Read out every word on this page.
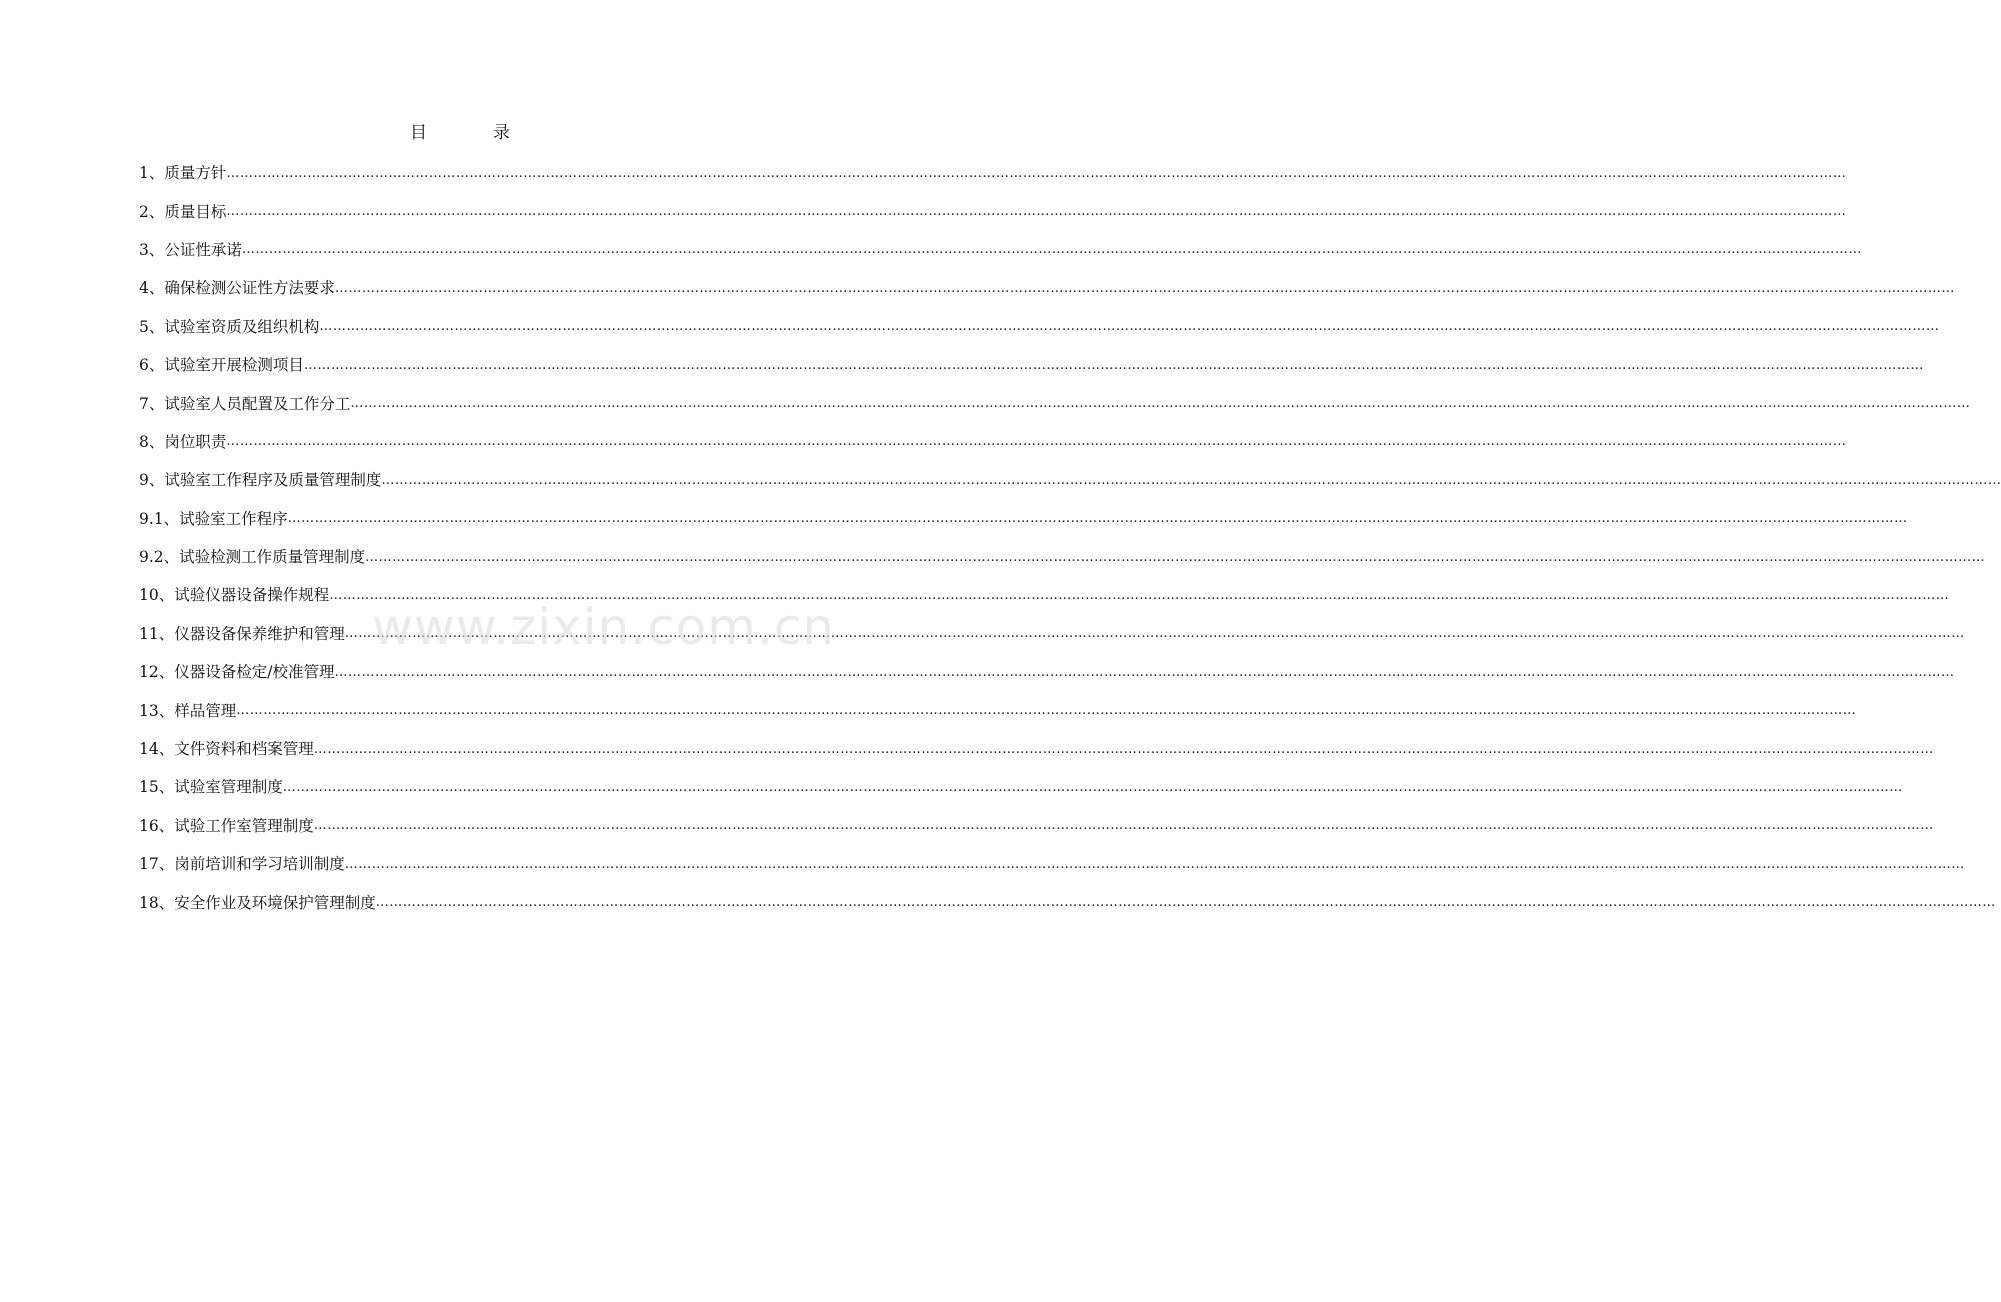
目	录
1、质量方针 ………………………………………………………………………………………………………………………………………………………………………………………………………………………………………………………………………………………………………………………………
2、质量目标 ………………………………………………………………………………………………………………………………………………………………………………………………………………………………………………………………………………………………………………………………
3、公证性承诺 ………………………………………………………………………………………………………………………………………………………………………………………………………………………………………………………………………………………………………………………………
4、确保检测公证性方法要求 ………………………………………………………………………………………………………………………………………………………………………………………………………………………………………………………………………………………………………………………………
5、试验室资质及组织机构 ………………………………………………………………………………………………………………………………………………………………………………………………………………………………………………………………………………………………………………………………
6、试验室开展检测项目 ………………………………………………………………………………………………………………………………………………………………………………………………………………………………………………………………………………………………………………………………
7、试验室人员配置及工作分工 ………………………………………………………………………………………………………………………………………………………………………………………………………………………………………………………………………………………………………………………………
8、岗位职责 ………………………………………………………………………………………………………………………………………………………………………………………………………………………………………………………………………………………………………………………………
9、试验室工作程序及质量管理制度 ………………………………………………………………………………………………………………………………………………………………………………………………………………………………………………………………………………………………………………………………
9.1、试验室工作程序 ………………………………………………………………………………………………………………………………………………………………………………………………………………………………………………………………………………………………………………………………
9.2、试验检测工作质量管理制度 ………………………………………………………………………………………………………………………………………………………………………………………………………………………………………………………………………………………………………………………………
10、试验仪器设备操作规程 ………………………………………………………………………………………………………………………………………………………………………………………………………………………………………………………………………………………………………………………………
11、仪器设备保养维护和管理 ………………………………………………………………………………………………………………………………………………………………………………………………………………………………………………………………………………………………………………………………
12、仪器设备检定/校准管理 ………………………………………………………………………………………………………………………………………………………………………………………………………………………………………………………………………………………………………………………………
13、样品管理 ………………………………………………………………………………………………………………………………………………………………………………………………………………………………………………………………………………………………………………………………
14、文件资料和档案管理 ………………………………………………………………………………………………………………………………………………………………………………………………………………………………………………………………………………………………………………………………
15、试验室管理制度 ………………………………………………………………………………………………………………………………………………………………………………………………………………………………………………………………………………………………………………………………
16、试验工作室管理制度 ………………………………………………………………………………………………………………………………………………………………………………………………………………………………………………………………………………………………………………………………
17、岗前培训和学习培训制度 ………………………………………………………………………………………………………………………………………………………………………………………………………………………………………………………………………………………………………………………………
18、安全作业及环境保护管理制度 ………………………………………………………………………………………………………………………………………………………………………………………………………………………………………………………………………………………………………………………………
www.zixin.com.cn
